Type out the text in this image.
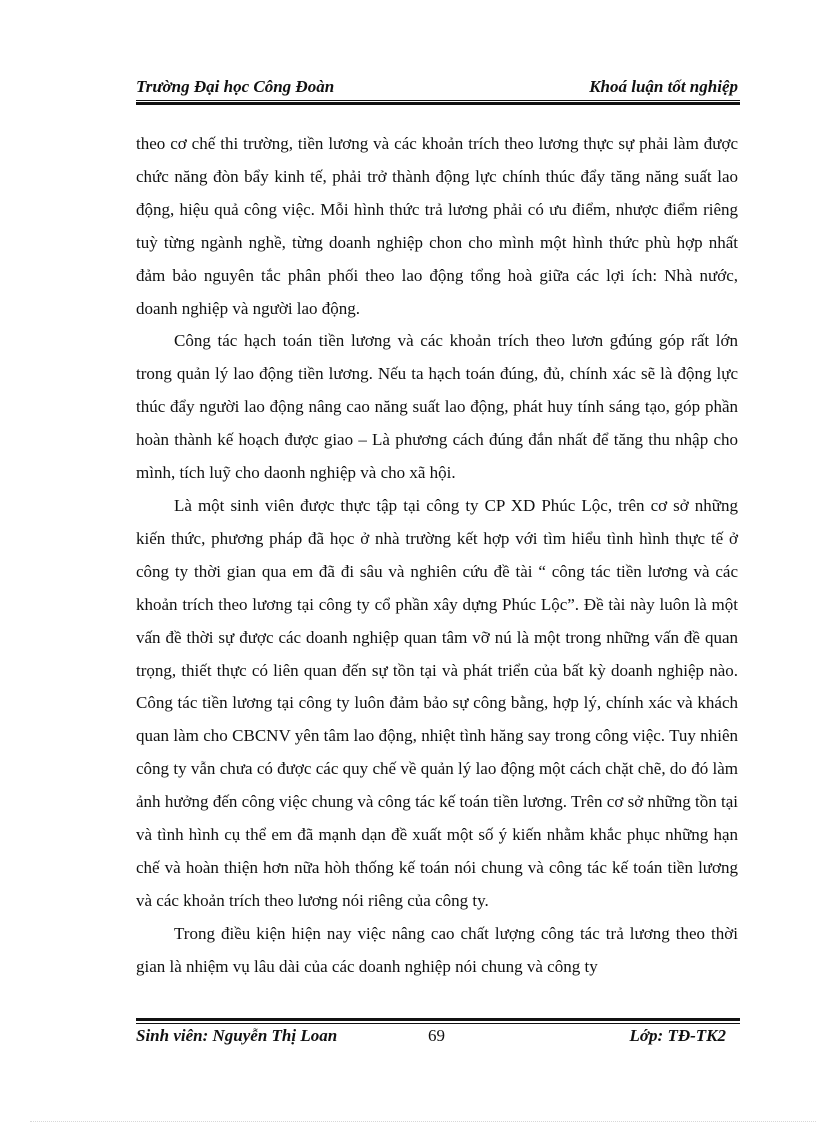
Trường Đại học Công Đoàn	Khoá luận tốt nghiệp

theo cơ chế thi trường, tiền lương và các khoản trích theo lương thực sự phải làm được chức năng đòn bẩy kinh tế, phải trở thành động lực chính thúc đẩy tăng năng suất lao động, hiệu quả công việc. Mỗi hình thức trả lương phải có ưu điểm, nhược điểm riêng tuỳ từng ngành nghề, từng doanh nghiệp chon cho mình một hình thức phù hợp nhất đảm bảo nguyên tắc phân phối theo lao động tổng hoà giữa các lợi ích: Nhà nước, doanh nghiệp và người lao động.

Công tác hạch toán tiền lương và các khoản trích theo lươn gđúng góp rất lớn trong quản lý lao động tiền lương. Nếu ta hạch toán đúng, đủ, chính xác sẽ là động lực thúc đẩy người lao động nâng cao năng suất lao động, phát huy tính sáng tạo, góp phần hoàn thành kế hoạch được giao – Là phương cách đúng đắn nhất để tăng thu nhập cho mình, tích luỹ cho daonh nghiệp và cho xã hội.

Là một sinh viên được thực tập tại công ty CP XD Phúc Lộc, trên cơ sở những kiến thức, phương pháp đã học ở nhà trường kết hợp với tìm hiểu tình hình thực tế ở công ty thời gian qua em đã đi sâu và nghiên cứu đề tài “ công tác tiền lương và các khoản trích theo lương tại công ty cổ phần xây dựng Phúc Lộc”. Đề tài này luôn là một vấn đề thời sự được các doanh nghiệp quan tâm vỡ nú là một trong những vấn đề quan trọng, thiết thực có liên quan đến sự tồn tại và phát triển của bất kỳ doanh nghiệp nào. Công tác tiền lương tại công ty luôn đảm bảo sự công bằng, hợp lý, chính xác và khách quan làm cho CBCNV yên tâm lao động, nhiệt tình hăng say trong công việc. Tuy nhiên công ty vẫn chưa có được các quy chế về quản lý lao động một cách chặt chẽ, do đó làm ảnh hưởng đến công việc chung và công tác kế toán tiền lương. Trên cơ sở những tồn tại và tình hình cụ thể em đã mạnh dạn đề xuất một số ý kiến nhằm khắc phục những hạn chế và hoàn thiện hơn nữa hòh thống kế toán nói chung và công tác kế toán tiền lương và các khoản trích theo lương nói riêng của công ty.

Trong điều kiện hiện nay việc nâng cao chất lượng công tác trả lương theo thời gian là nhiệm vụ lâu dài của các doanh nghiệp nói chung và công ty

Sinh viên: Nguyễn Thị Loan	69	Lớp: TĐ-TK2
